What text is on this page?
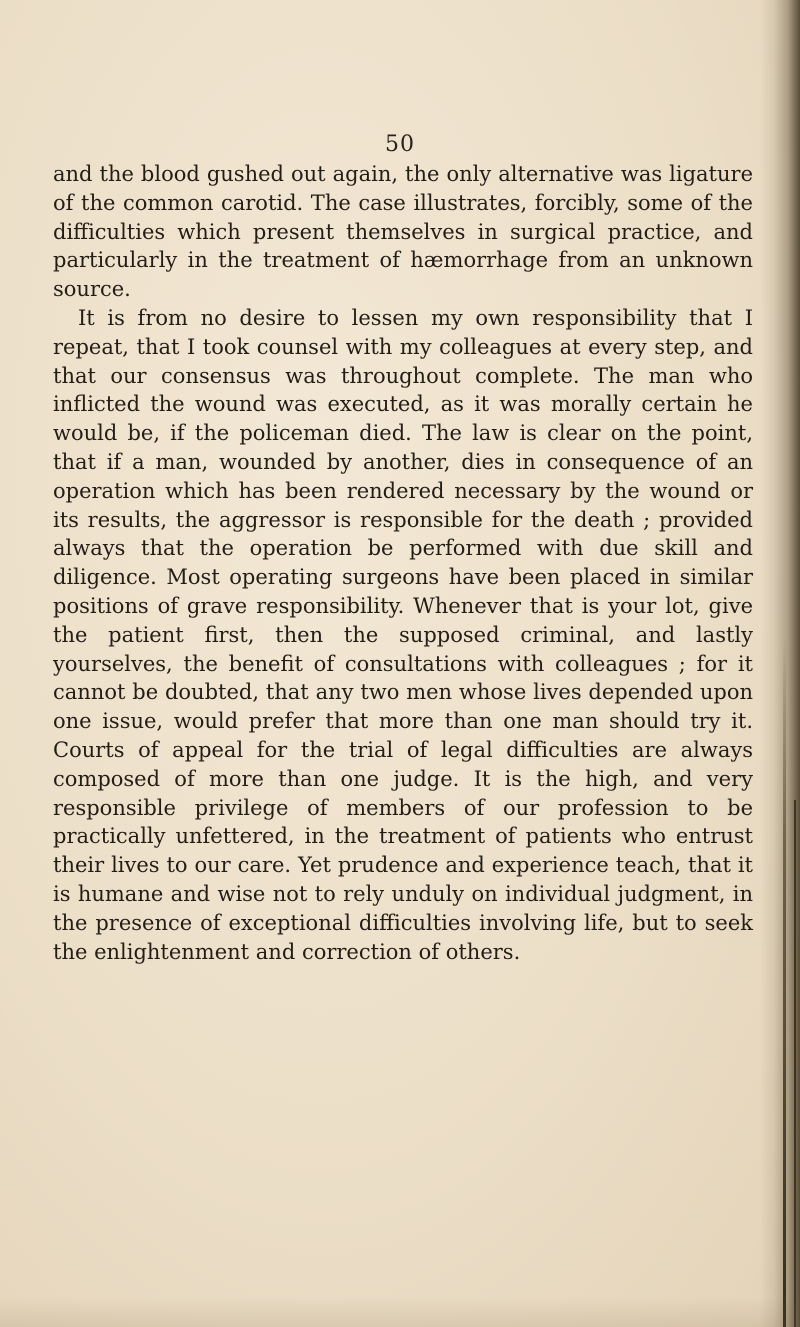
50

and the blood gushed out again, the only alternative was ligature of the common carotid. The case illustrates, forcibly, some of the difficulties which present themselves in surgical practice, and particularly in the treatment of hæmorrhage from an unknown source.

It is from no desire to lessen my own responsibility that I repeat, that I took counsel with my colleagues at every step, and that our consensus was throughout complete. The man who inflicted the wound was executed, as it was morally certain he would be, if the policeman died. The law is clear on the point, that if a man, wounded by another, dies in consequence of an operation which has been rendered necessary by the wound or its results, the aggressor is responsible for the death ; provided always that the operation be performed with due skill and diligence. Most operating surgeons have been placed in similar positions of grave responsibility. Whenever that is your lot, give the patient first, then the supposed criminal, and lastly yourselves, the benefit of consultations with colleagues ; for it cannot be doubted, that any two men whose lives depended upon one issue, would prefer that more than one man should try it. Courts of appeal for the trial of legal difficulties are always composed of more than one judge. It is the high, and very responsible privilege of members of our profession to be practically unfettered, in the treatment of patients who entrust their lives to our care. Yet prudence and experience teach, that it is humane and wise not to rely unduly on individual judgment, in the presence of exceptional difficulties involving life, but to seek the enlightenment and correction of others.
